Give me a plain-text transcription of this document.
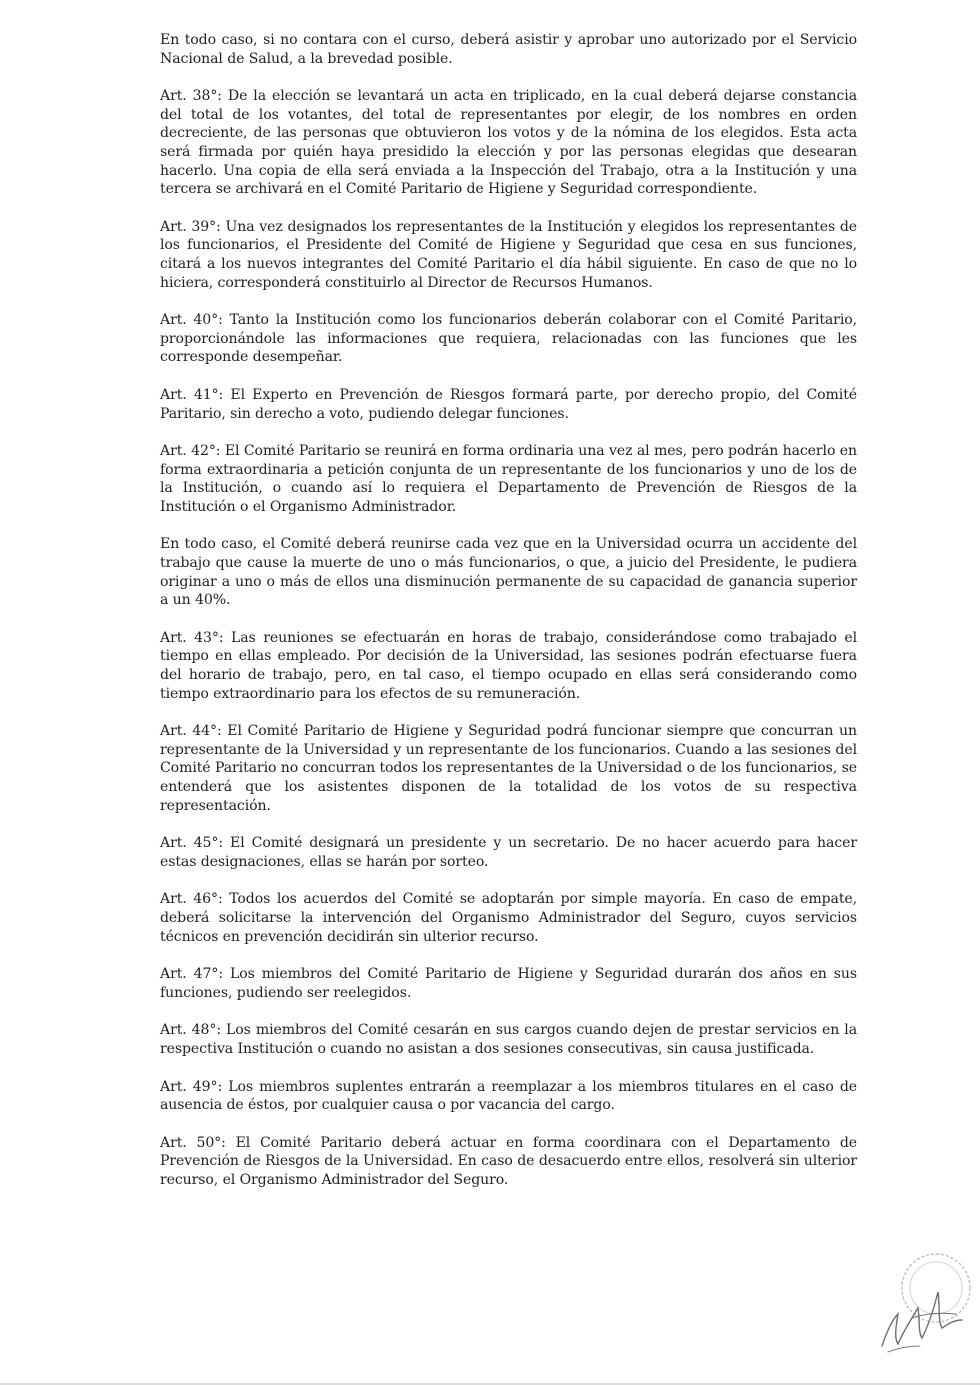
En todo caso, si no contara con el curso, deberá asistir y aprobar uno autorizado por el Servicio Nacional de Salud, a la brevedad posible.

Art. 38°: De la elección se levantará un acta en triplicado, en la cual deberá dejarse constancia del total de los votantes, del total de representantes por elegir, de los nombres en orden decreciente, de las personas que obtuvieron los votos y de la nómina de los elegidos. Esta acta será firmada por quién haya presidido la elección y por las personas elegidas que desearan hacerlo. Una copia de ella será enviada a la Inspección del Trabajo, otra a la Institución y una tercera se archivará en el Comité Paritario de Higiene y Seguridad correspondiente.

Art. 39°: Una vez designados los representantes de la Institución y elegidos los representantes de los funcionarios, el Presidente del Comité de Higiene y Seguridad que cesa en sus funciones, citará a los nuevos integrantes del Comité Paritario el día hábil siguiente. En caso de que no lo hiciera, corresponderá constituirlo al Director de Recursos Humanos.

Art. 40°: Tanto la Institución como los funcionarios deberán colaborar con el Comité Paritario, proporcionándole las informaciones que requiera, relacionadas con las funciones que les corresponde desempeñar.

Art. 41°: El Experto en Prevención de Riesgos formará parte, por derecho propio, del Comité Paritario, sin derecho a voto, pudiendo delegar funciones.

Art. 42°: El Comité Paritario se reunirá en forma ordinaria una vez al mes, pero podrán hacerlo en forma extraordinaria a petición conjunta de un representante de los funcionarios y uno de los de la Institución, o cuando así lo requiera el Departamento de Prevención de Riesgos de la Institución o el Organismo Administrador.

En todo caso, el Comité deberá reunirse cada vez que en la Universidad ocurra un accidente del trabajo que cause la muerte de uno o más funcionarios, o que, a juicio del Presidente, le pudiera originar a uno o más de ellos una disminución permanente de su capacidad de ganancia superior a un 40%.

Art. 43°: Las reuniones se efectuarán en horas de trabajo, considerándose como trabajado el tiempo en ellas empleado. Por decisión de la Universidad, las sesiones podrán efectuarse fuera del horario de trabajo, pero, en tal caso, el tiempo ocupado en ellas será considerando como tiempo extraordinario para los efectos de su remuneración.

Art. 44°: El Comité Paritario de Higiene y Seguridad podrá funcionar siempre que concurran un representante de la Universidad y un representante de los funcionarios. Cuando a las sesiones del Comité Paritario no concurran todos los representantes de la Universidad o de los funcionarios, se entenderá que los asistentes disponen de la totalidad de los votos de su respectiva representación.

Art. 45°: El Comité designará un presidente y un secretario. De no hacer acuerdo para hacer estas designaciones, ellas se harán por sorteo.

Art. 46°: Todos los acuerdos del Comité se adoptarán por simple mayoría. En caso de empate, deberá solicitarse la intervención del Organismo Administrador del Seguro, cuyos servicios técnicos en prevención decidirán sin ulterior recurso.

Art. 47°: Los miembros del Comité Paritario de Higiene y Seguridad durarán dos años en sus funciones, pudiendo ser reelegidos.

Art. 48°: Los miembros del Comité cesarán en sus cargos cuando dejen de prestar servicios en la respectiva Institución o cuando no asistan a dos sesiones consecutivas, sin causa justificada.

Art. 49°: Los miembros suplentes entrarán a reemplazar a los miembros titulares en el caso de ausencia de éstos, por cualquier causa o por vacancia del cargo.

Art. 50°: El Comité Paritario deberá actuar en forma coordinara con el Departamento de Prevención de Riesgos de la Universidad. En caso de desacuerdo entre ellos, resolverá sin ulterior recurso, el Organismo Administrador del Seguro.
